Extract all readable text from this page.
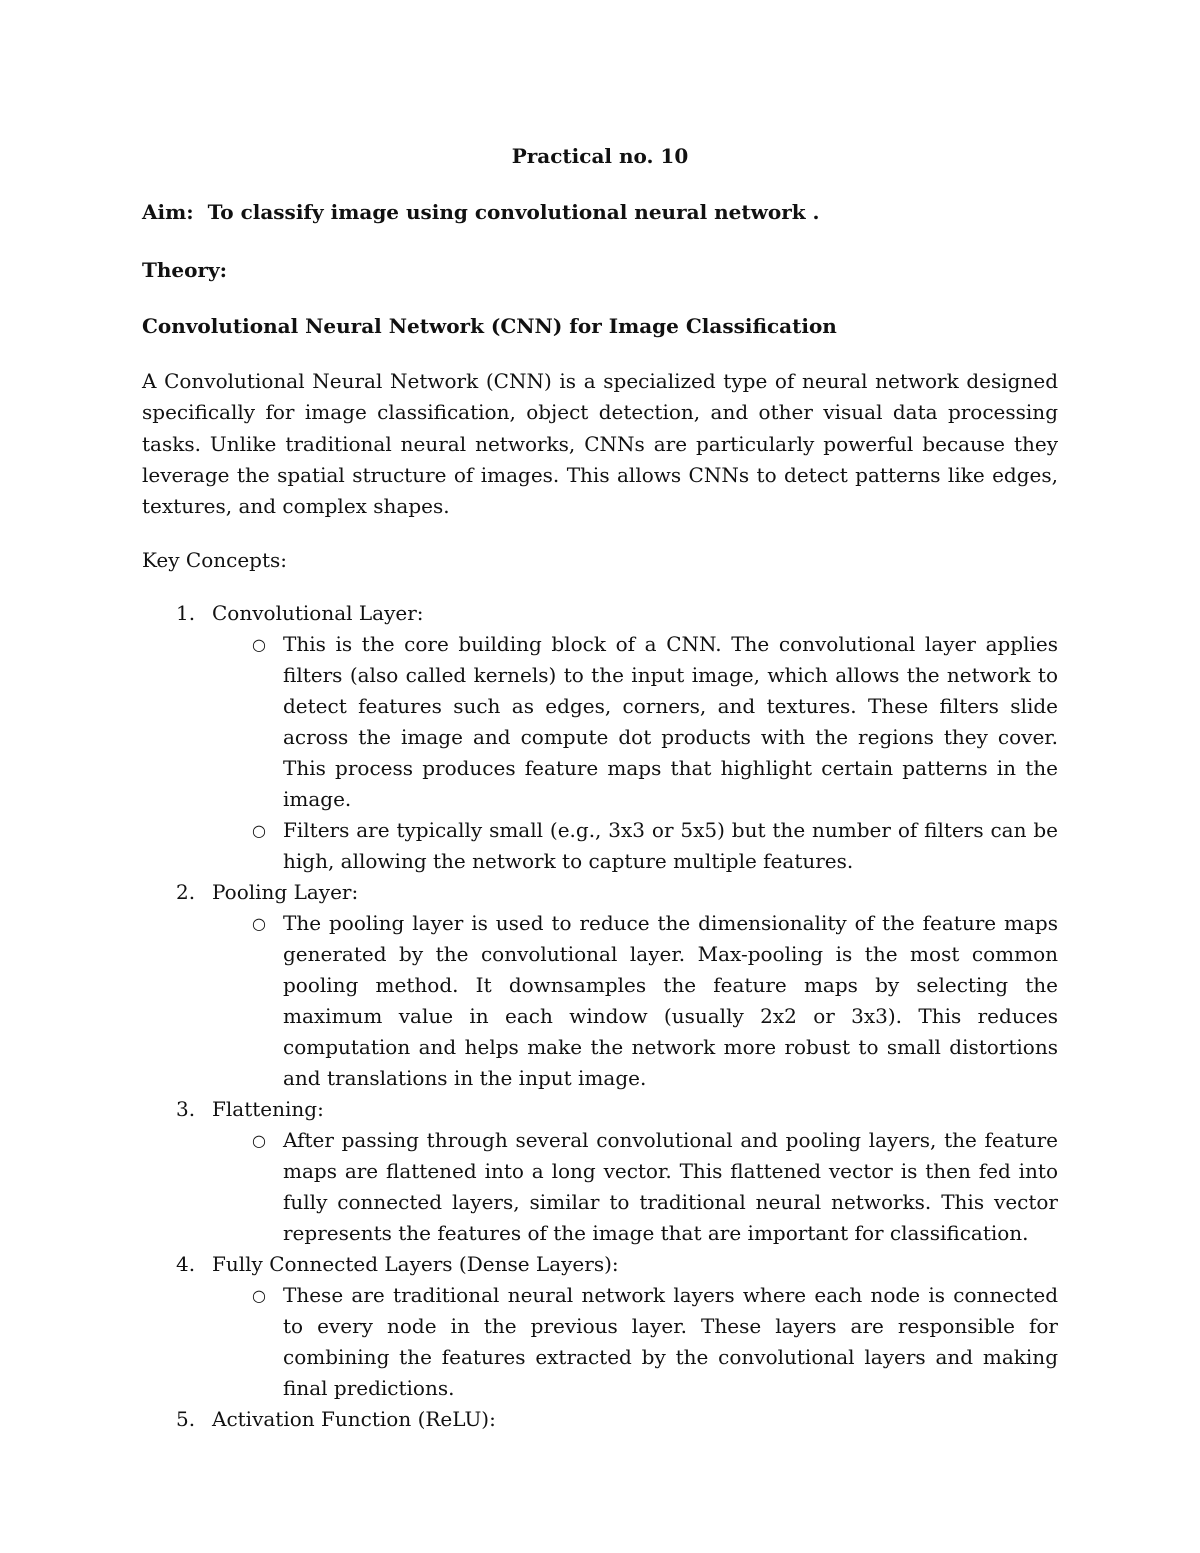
Practical no. 10
Aim: To classify image using convolutional neural network .
Theory:
Convolutional Neural Network (CNN) for Image Classification

A Convolutional Neural Network (CNN) is a specialized type of neural network designed specifically for image classification, object detection, and other visual data processing tasks. Unlike traditional neural networks, CNNs are particularly powerful because they leverage the spatial structure of images. This allows CNNs to detect patterns like edges, textures, and complex shapes.

Key Concepts:
1. Convolutional Layer:
○ This is the core building block of a CNN. The convolutional layer applies filters (also called kernels) to the input image, which allows the network to detect features such as edges, corners, and textures. These filters slide across the image and compute dot products with the regions they cover. This process produces feature maps that highlight certain patterns in the image.
○ Filters are typically small (e.g., 3x3 or 5x5) but the number of filters can be high, allowing the network to capture multiple features.
2. Pooling Layer:
○ The pooling layer is used to reduce the dimensionality of the feature maps generated by the convolutional layer. Max-pooling is the most common pooling method. It downsamples the feature maps by selecting the maximum value in each window (usually 2x2 or 3x3). This reduces computation and helps make the network more robust to small distortions and translations in the input image.
3. Flattening:
○ After passing through several convolutional and pooling layers, the feature maps are flattened into a long vector. This flattened vector is then fed into fully connected layers, similar to traditional neural networks. This vector represents the features of the image that are important for classification.
4. Fully Connected Layers (Dense Layers):
○ These are traditional neural network layers where each node is connected to every node in the previous layer. These layers are responsible for combining the features extracted by the convolutional layers and making final predictions.
5. Activation Function (ReLU):
